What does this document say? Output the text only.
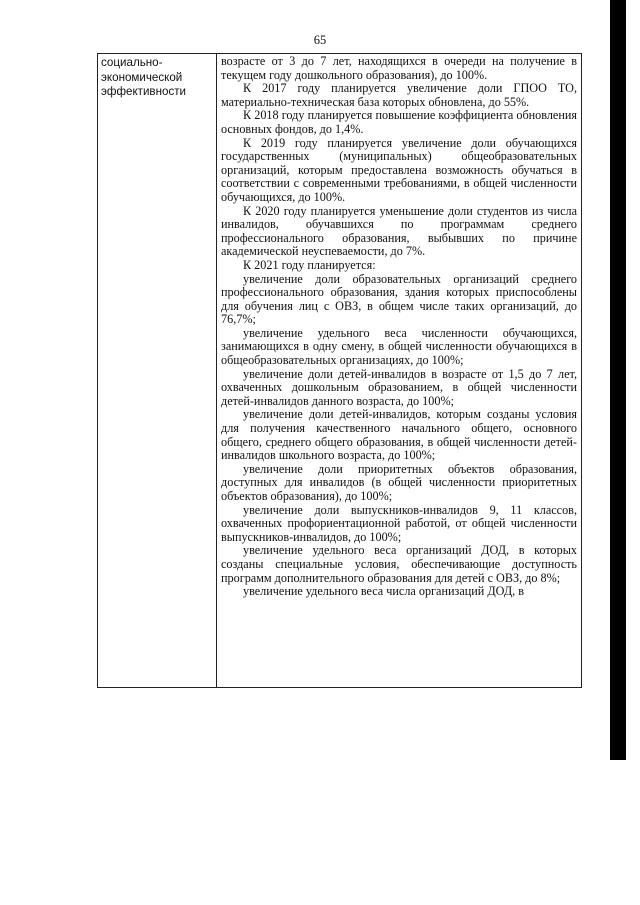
65
социально-
экономической
эффективности

возрасте от 3 до 7 лет, находящихся в очереди на получение в текущем году дошкольного образования), до 100%.

К 2017 году планируется увеличение доли ГПОО ТО, материально-техническая база которых обновлена, до 55%.

К 2018 году планируется повышение коэффициента обновления основных фондов, до 1,4%.

К 2019 году планируется увеличение доли обучающихся государственных (муниципальных) общеобразовательных организаций, которым предоставлена возможность обучаться в соответствии с современными требованиями, в общей численности обучающихся, до 100%.

К 2020 году планируется уменьшение доли студентов из числа инвалидов, обучавшихся по программам среднего профессионального образования, выбывших по причине академической неуспеваемости, до 7%.

К 2021 году планируется:

увеличение доли образовательных организаций среднего профессионального образования, здания которых приспособлены для обучения лиц с ОВЗ, в общем числе таких организаций, до 76,7%;

увеличение удельного веса численности обучающихся, занимающихся в одну смену, в общей численности обучающихся в общеобразовательных организациях, до 100%;

увеличение доли детей-инвалидов в возрасте от 1,5 до 7 лет, охваченных дошкольным образованием, в общей численности детей-инвалидов данного возраста, до 100%;

увеличение доли детей-инвалидов, которым созданы условия для получения качественного начального общего, основного общего, среднего общего образования, в общей численности детей-инвалидов школьного возраста, до 100%;

увеличение доли приоритетных объектов образования, доступных для инвалидов (в общей численности приоритетных объектов образования), до 100%;

увеличение доли выпускников-инвалидов 9, 11 классов, охваченных профориентационной работой, от общей численности выпускников-инвалидов, до 100%;

увеличение удельного веса организаций ДОД, в которых созданы специальные условия, обеспечивающие доступность программ дополнительного образования для детей с ОВЗ, до 8%;

увеличение удельного веса числа организаций ДОД, в
